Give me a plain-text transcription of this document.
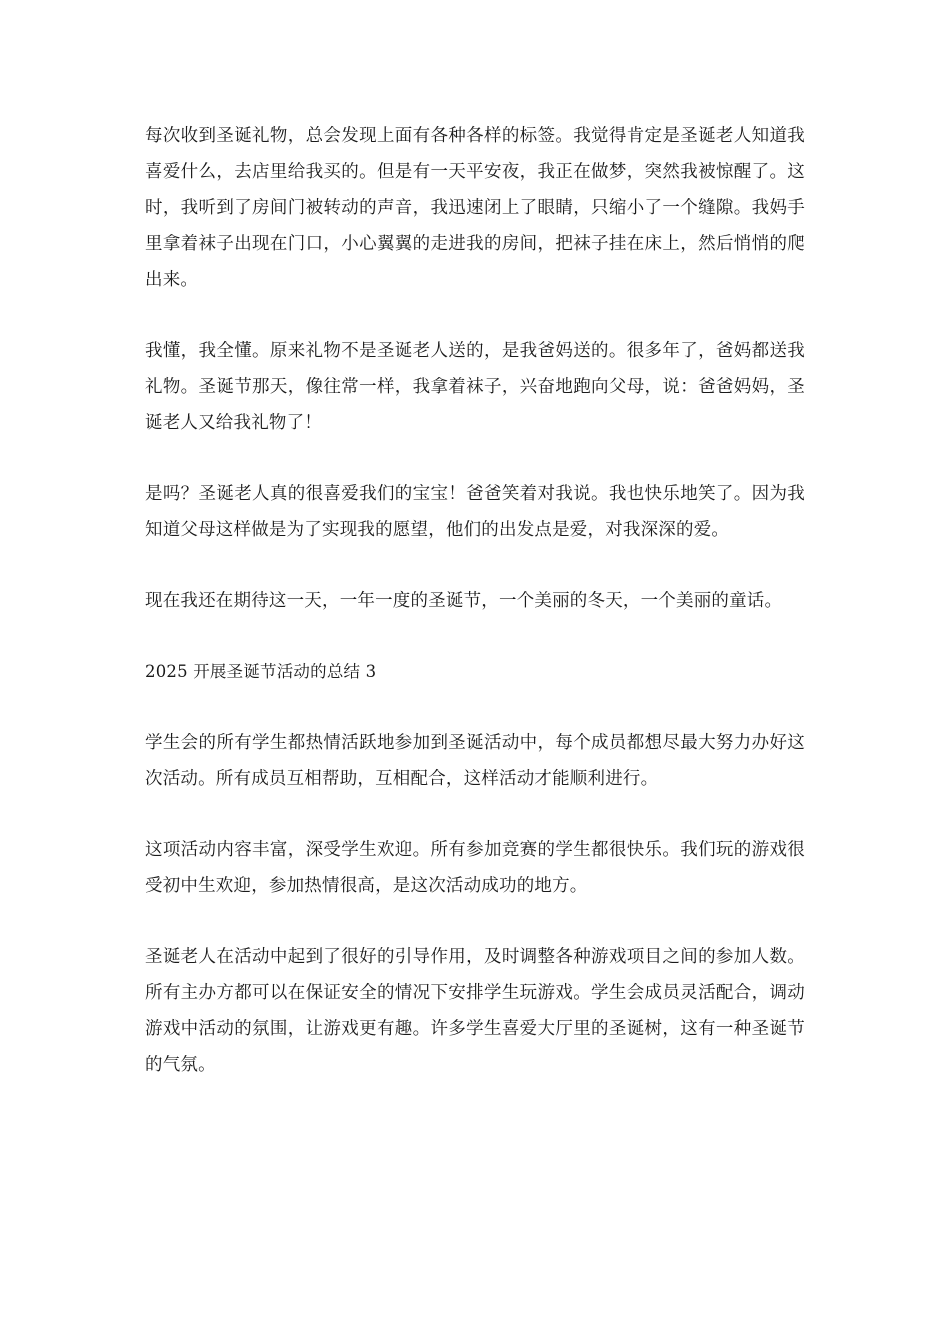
每次收到圣诞礼物，总会发现上面有各种各样的标签。我觉得肯定是圣诞老人知道我喜爱什么，去店里给我买的。但是有一天平安夜，我正在做梦，突然我被惊醒了。这时，我听到了房间门被转动的声音，我迅速闭上了眼睛，只缩小了一个缝隙。我妈手里拿着袜子出现在门口，小心翼翼的走进我的房间，把袜子挂在床上，然后悄悄的爬出来。

我懂，我全懂。原来礼物不是圣诞老人送的，是我爸妈送的。很多年了，爸妈都送我礼物。圣诞节那天，像往常一样，我拿着袜子，兴奋地跑向父母，说：爸爸妈妈，圣诞老人又给我礼物了！

是吗？圣诞老人真的很喜爱我们的宝宝！爸爸笑着对我说。我也快乐地笑了。因为我知道父母这样做是为了实现我的愿望，他们的出发点是爱，对我深深的爱。

现在我还在期待这一天，一年一度的圣诞节，一个美丽的冬天，一个美丽的童话。

2025 开展圣诞节活动的总结 3

学生会的所有学生都热情活跃地参加到圣诞活动中，每个成员都想尽最大努力办好这次活动。所有成员互相帮助，互相配合，这样活动才能顺利进行。

这项活动内容丰富，深受学生欢迎。所有参加竞赛的学生都很快乐。我们玩的游戏很受初中生欢迎，参加热情很高，是这次活动成功的地方。

圣诞老人在活动中起到了很好的引导作用，及时调整各种游戏项目之间的参加人数。所有主办方都可以在保证安全的情况下安排学生玩游戏。学生会成员灵活配合，调动游戏中活动的氛围，让游戏更有趣。许多学生喜爱大厅里的圣诞树，这有一种圣诞节的气氛。
